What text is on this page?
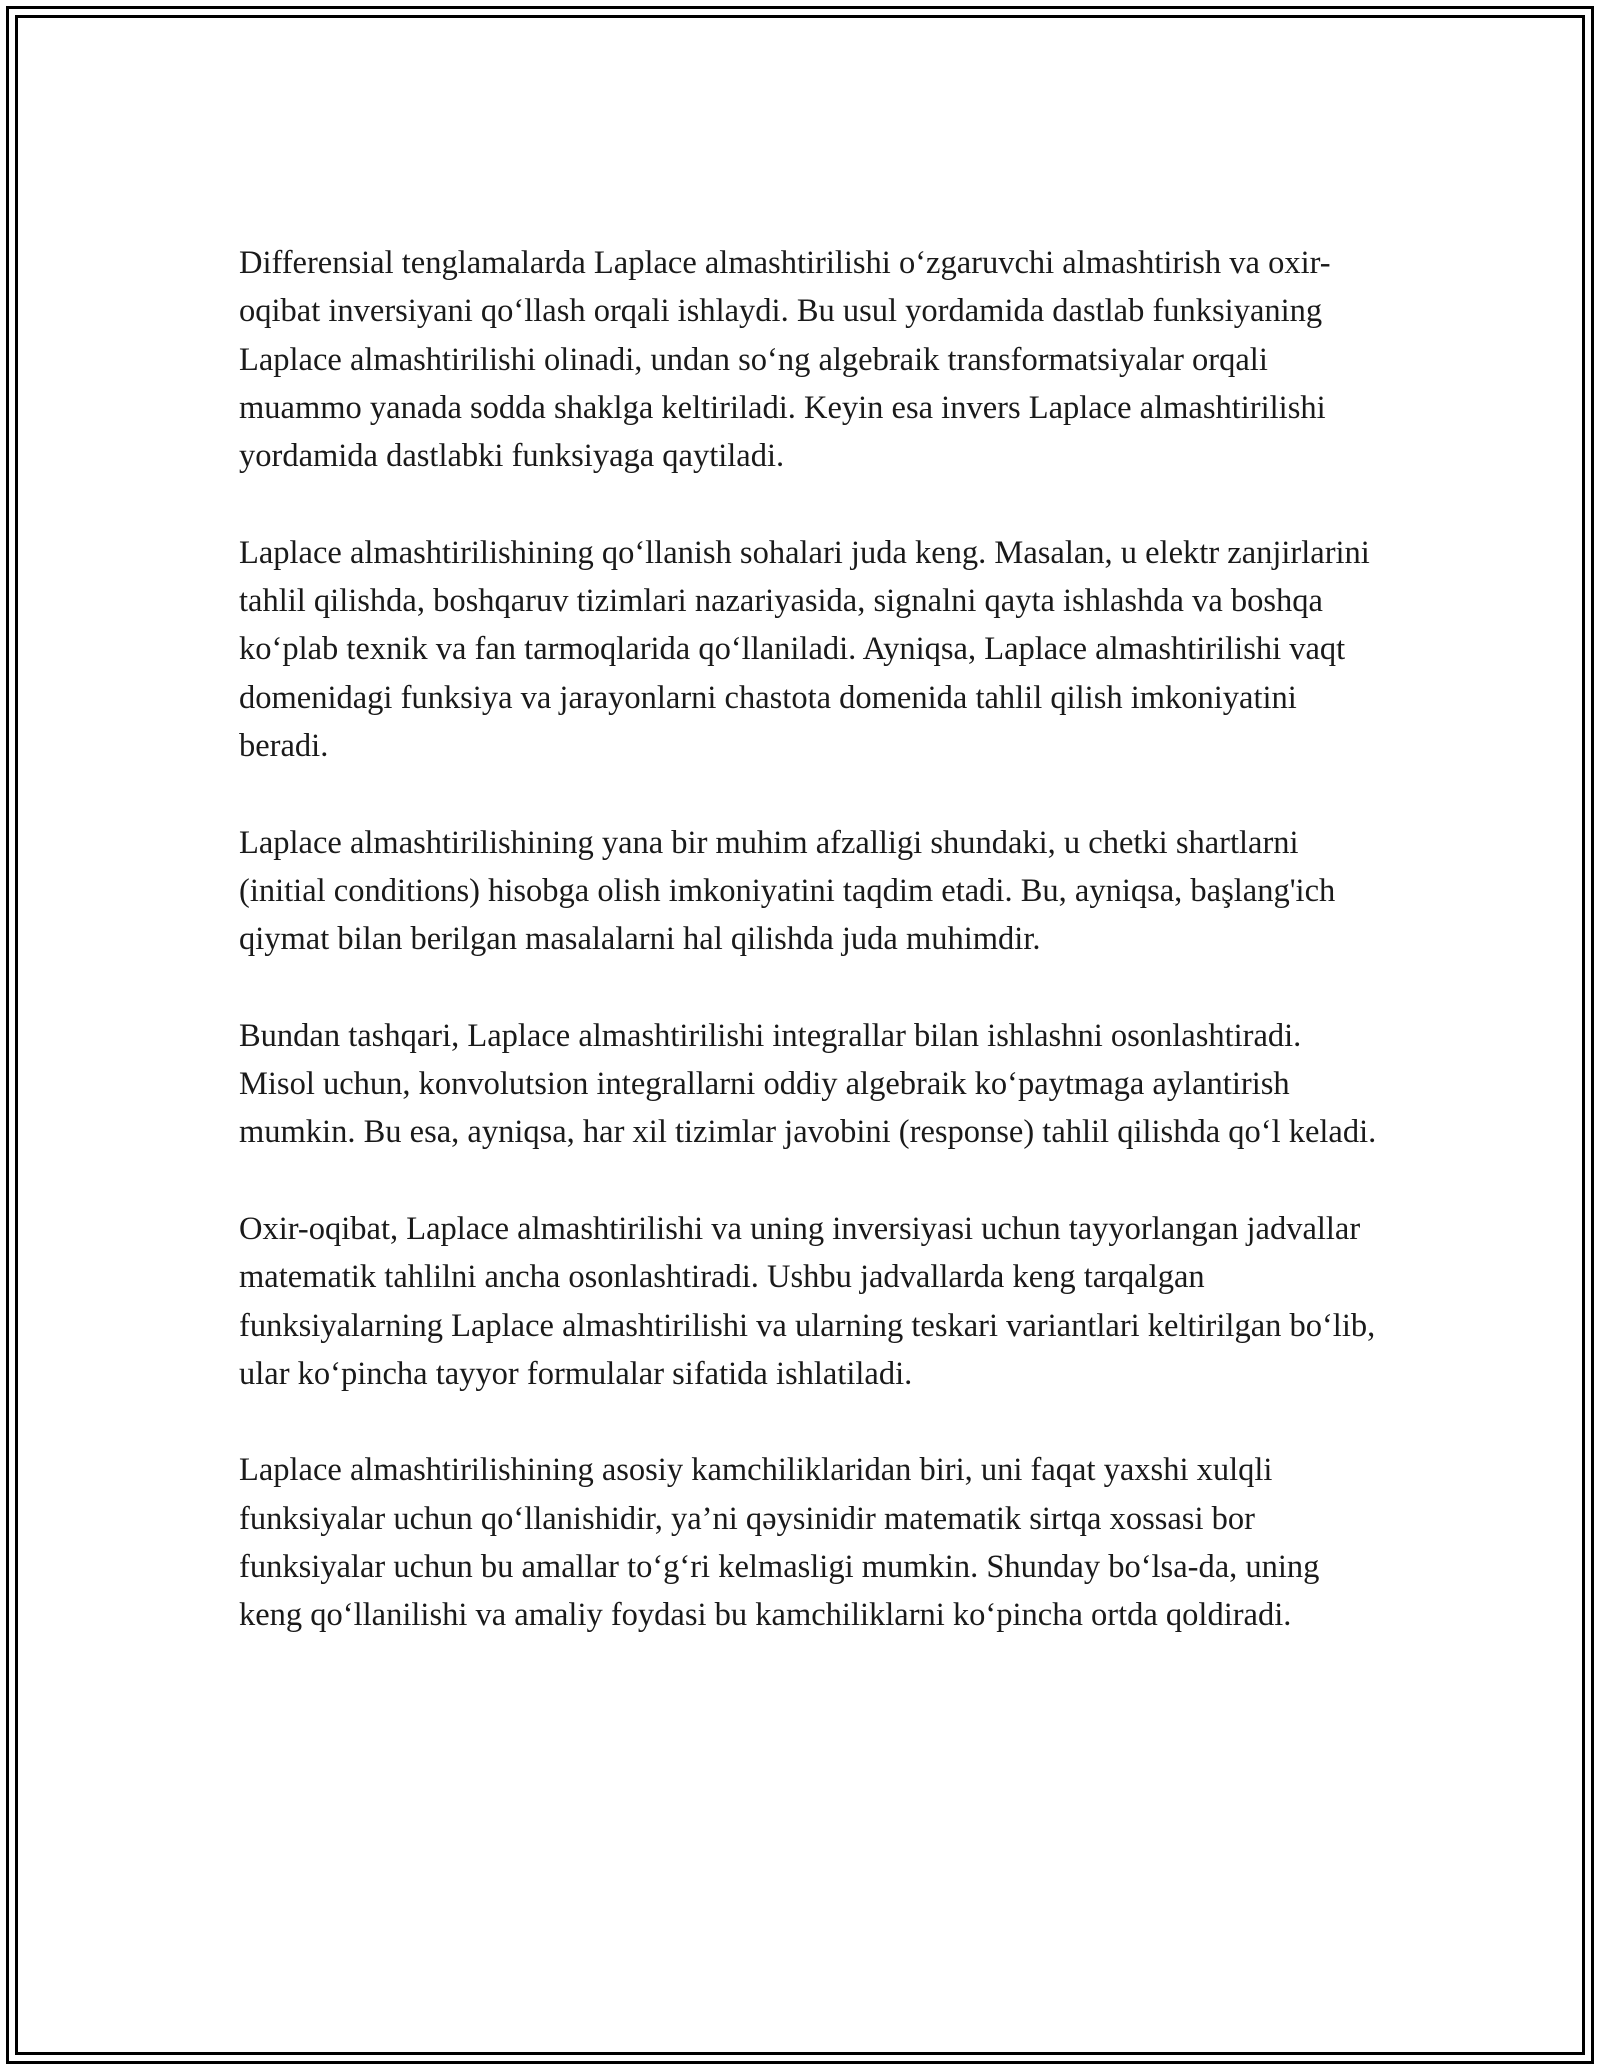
Differensial tenglamalarda Laplace almashtirilishi o‘zgaruvchi almashtirish va oxir-oqibat inversiyani qo‘llash orqali ishlaydi. Bu usul yordamida dastlab funksiyaning Laplace almashtirilishi olinadi, undan so‘ng algebraik transformatsiyalar orqali muammo yanada sodda shaklga keltiriladi. Keyin esa invers Laplace almashtirilishi yordamida dastlabki funksiyaga qaytiladi.

Laplace almashtirilishining qo‘llanish sohalari juda keng. Masalan, u elektr zanjirlarini tahlil qilishda, boshqaruv tizimlari nazariyasida, signalni qayta ishlashda va boshqa ko‘plab texnik va fan tarmoqlarida qo‘llaniladi. Ayniqsa, Laplace almashtirilishi vaqt domenidagi funksiya va jarayonlarni chastota domenida tahlil qilish imkoniyatini beradi.

Laplace almashtirilishining yana bir muhim afzalligi shundaki, u chetki shartlarni (initial conditions) hisobga olish imkoniyatini taqdim etadi. Bu, ayniqsa, başlang'ich qiymat bilan berilgan masalalarni hal qilishda juda muhimdir.

Bundan tashqari, Laplace almashtirilishi integrallar bilan ishlashni osonlashtiradi. Misol uchun, konvolutsion integrallarni oddiy algebraik ko‘paytmaga aylantirish mumkin. Bu esa, ayniqsa, har xil tizimlar javobini (response) tahlil qilishda qo‘l keladi.

Oxir-oqibat, Laplace almashtirilishi va uning inversiyasi uchun tayyorlangan jadvallar matematik tahlilni ancha osonlashtiradi. Ushbu jadvallarda keng tarqalgan funksiyalarning Laplace almashtirilishi va ularning teskari variantlari keltirilgan bo‘lib, ular ko‘pincha tayyor formulalar sifatida ishlatiladi.

Laplace almashtirilishining asosiy kamchiliklaridan biri, uni faqat yaxshi xulqli funksiyalar uchun qo‘llanishidir, ya’ni qəysinidir matematik sirtqa xossasi bor funksiyalar uchun bu amallar to‘g‘ri kelmasligi mumkin. Shunday bo‘lsa-da, uning keng qo‘llanilishi va amaliy foydasi bu kamchiliklarni ko‘pincha ortda qoldiradi.
